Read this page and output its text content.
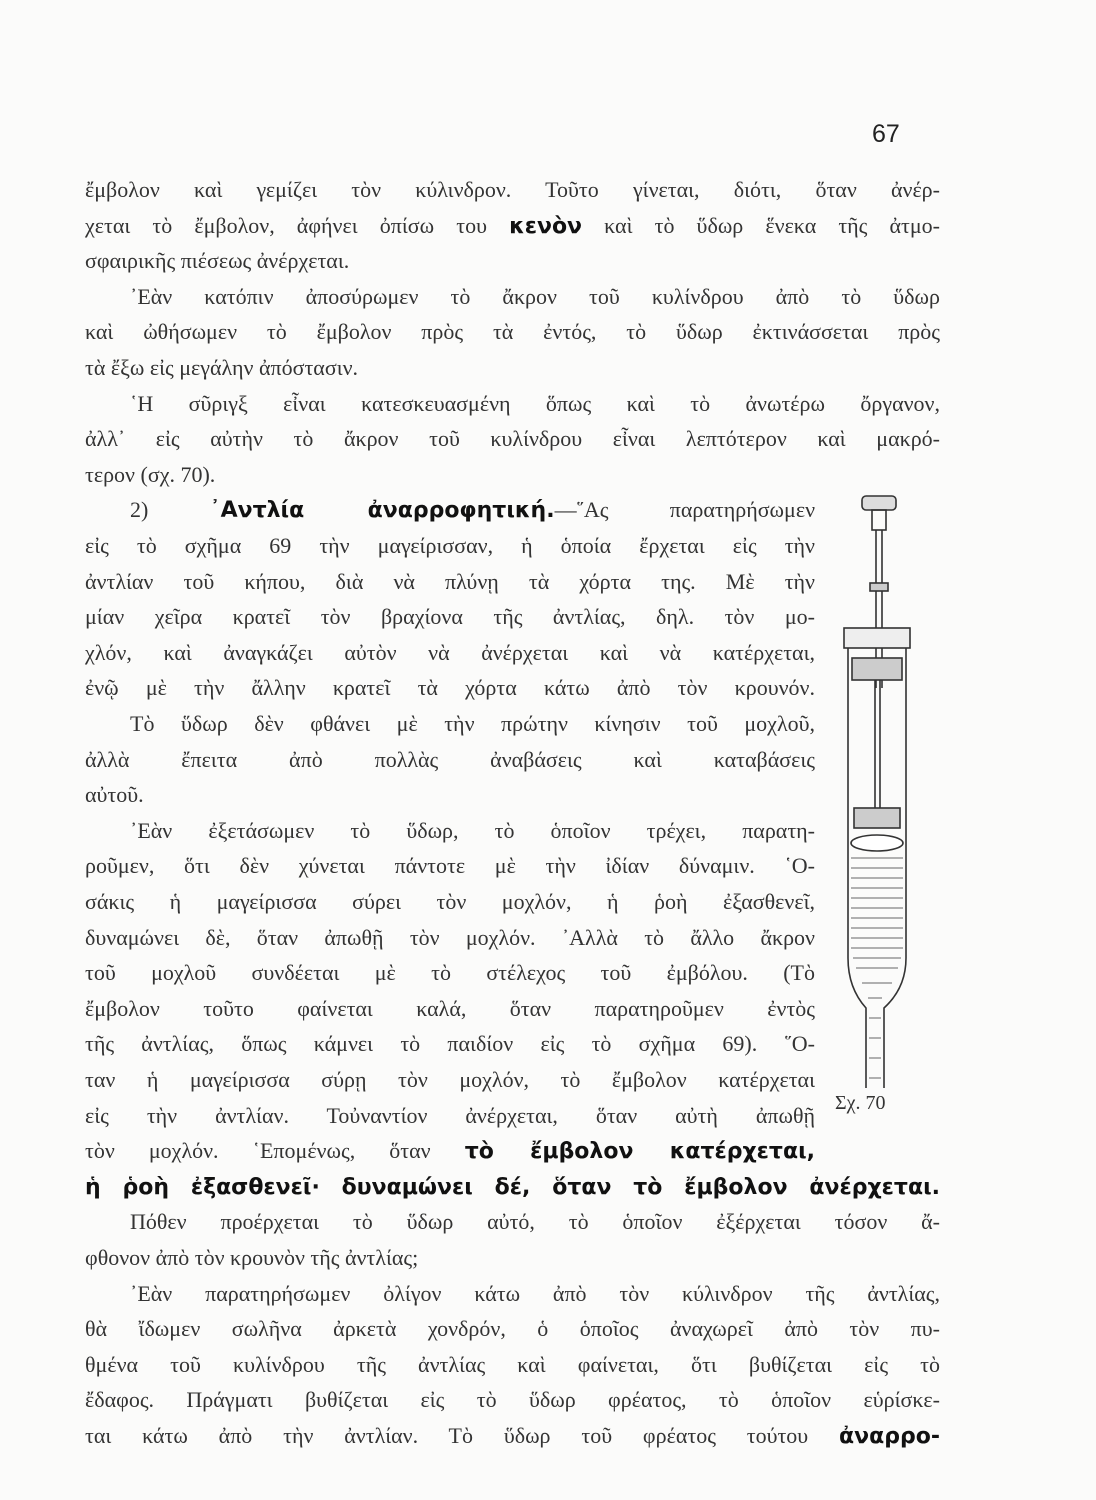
67
ἔμβολον καὶ γεμίζει τὸν κύλινδρον. Τοῦτο γίνεται, διότι, ὅταν ἀνέρ-
χεται τὸ ἔμβολον, ἀφήνει ὀπίσω του κενὸν καὶ τὸ ὕδωρ ἕνεκα τῆς ἀτμο-
σφαιρικῆς πιέσεως ἀνέρχεται.
᾿Εὰν κατόπιν ἀποσύρωμεν τὸ ἄκρον τοῦ κυλίνδρου ἀπὸ τὸ ὕδωρ
καὶ ὠθήσωμεν τὸ ἔμβολον πρὸς τὰ ἐντός, τὸ ὕδωρ ἐκτινάσσεται πρὸς
τὰ ἔξω εἰς μεγάλην ἀπόστασιν.
῾Η σῦριγξ εἶναι κατεσκευασμένη ὅπως καὶ τὸ ἀνωτέρω ὄργανον,
ἀλλ᾿ εἰς αὐτὴν τὸ ἄκρον τοῦ κυλίνδρου εἶναι λεπτότερον καὶ μακρό-
τερον (σχ. 70).
2) ᾿Αντλία ἀναρροφητική.—῞Ας παρατηρήσωμεν
εἰς τὸ σχῆμα 69 τὴν μαγείρισσαν, ἡ ὁποία ἔρχεται εἰς τὴν
ἀντλίαν τοῦ κήπου, διὰ νὰ πλύνῃ τὰ χόρτα της. Μὲ τὴν
μίαν χεῖρα κρατεῖ τὸν βραχίονα τῆς ἀντλίας, δηλ. τὸν μο-
χλόν, καὶ ἀναγκάζει αὐτὸν νὰ ἀνέρχεται καὶ νὰ κατέρχεται,
ἐνῷ μὲ τὴν ἄλλην κρατεῖ τὰ χόρτα κάτω ἀπὸ τὸν κρουνόν.
Τὸ ὕδωρ δὲν φθάνει μὲ τὴν πρώτην κίνησιν τοῦ μοχλοῦ,
ἀλλὰ ἔπειτα ἀπὸ πολλὰς ἀναβάσεις καὶ καταβάσεις
αὐτοῦ.
᾿Εὰν ἐξετάσωμεν τὸ ὕδωρ, τὸ ὁποῖον τρέχει, παρατη-
ροῦμεν, ὅτι δὲν χύνεται πάντοτε μὲ τὴν ἰδίαν δύναμιν. ῾Ο-
σάκις ἡ μαγείρισσα σύρει τὸν μοχλόν, ἡ ῥοὴ ἐξασθενεῖ,
δυναμώνει δὲ, ὅταν ἀπωθῇ τὸν μοχλόν. ᾿Αλλὰ τὸ ἄλλο ἄκρον
τοῦ μοχλοῦ συνδέεται μὲ τὸ στέλεχος τοῦ ἐμβόλου. (Τὸ
ἔμβολον τοῦτο φαίνεται καλά, ὅταν παρατηροῦμεν ἐντὸς
τῆς ἀντλίας, ὅπως κάμνει τὸ παιδίον εἰς τὸ σχῆμα 69). ῞Ο-
ταν ἡ μαγείρισσα σύρῃ τὸν μοχλόν, τὸ ἔμβολον κατέρχεται
εἰς τὴν ἀντλίαν. Τοὐναντίον ἀνέρχεται, ὅταν αὐτὴ ἀπωθῇ
τὸν μοχλόν. ῾Επομένως, ὅταν τὸ ἔμβολον κατέρχεται,
ἡ ῥοὴ ἐξασθενεῖ· δυναμώνει δέ, ὅταν τὸ ἔμβολον ἀνέρχεται.
Πόθεν προέρχεται τὸ ὕδωρ αὐτό, τὸ ὁποῖον ἐξέρχεται τόσον ἄ-
φθονον ἀπὸ τὸν κρουνὸν τῆς ἀντλίας;
᾿Εὰν παρατηρήσωμεν ὀλίγον κάτω ἀπὸ τὸν κύλινδρον τῆς ἀντλίας,
θὰ ἴδωμεν σωλῆνα ἀρκετὰ χονδρόν, ὁ ὁποῖος ἀναχωρεῖ ἀπὸ τὸν πυ-
θμένα τοῦ κυλίνδρου τῆς ἀντλίας καὶ φαίνεται, ὅτι βυθίζεται εἰς τὸ
ἔδαφος. Πράγματι βυθίζεται εἰς τὸ ὕδωρ φρέατος, τὸ ὁποῖον εὑρίσκε-
ται κάτω ἀπὸ τὴν ἀντλίαν. Τὸ ὕδωρ τοῦ φρέατος τούτου ἀναρρο-
Σχ. 70
